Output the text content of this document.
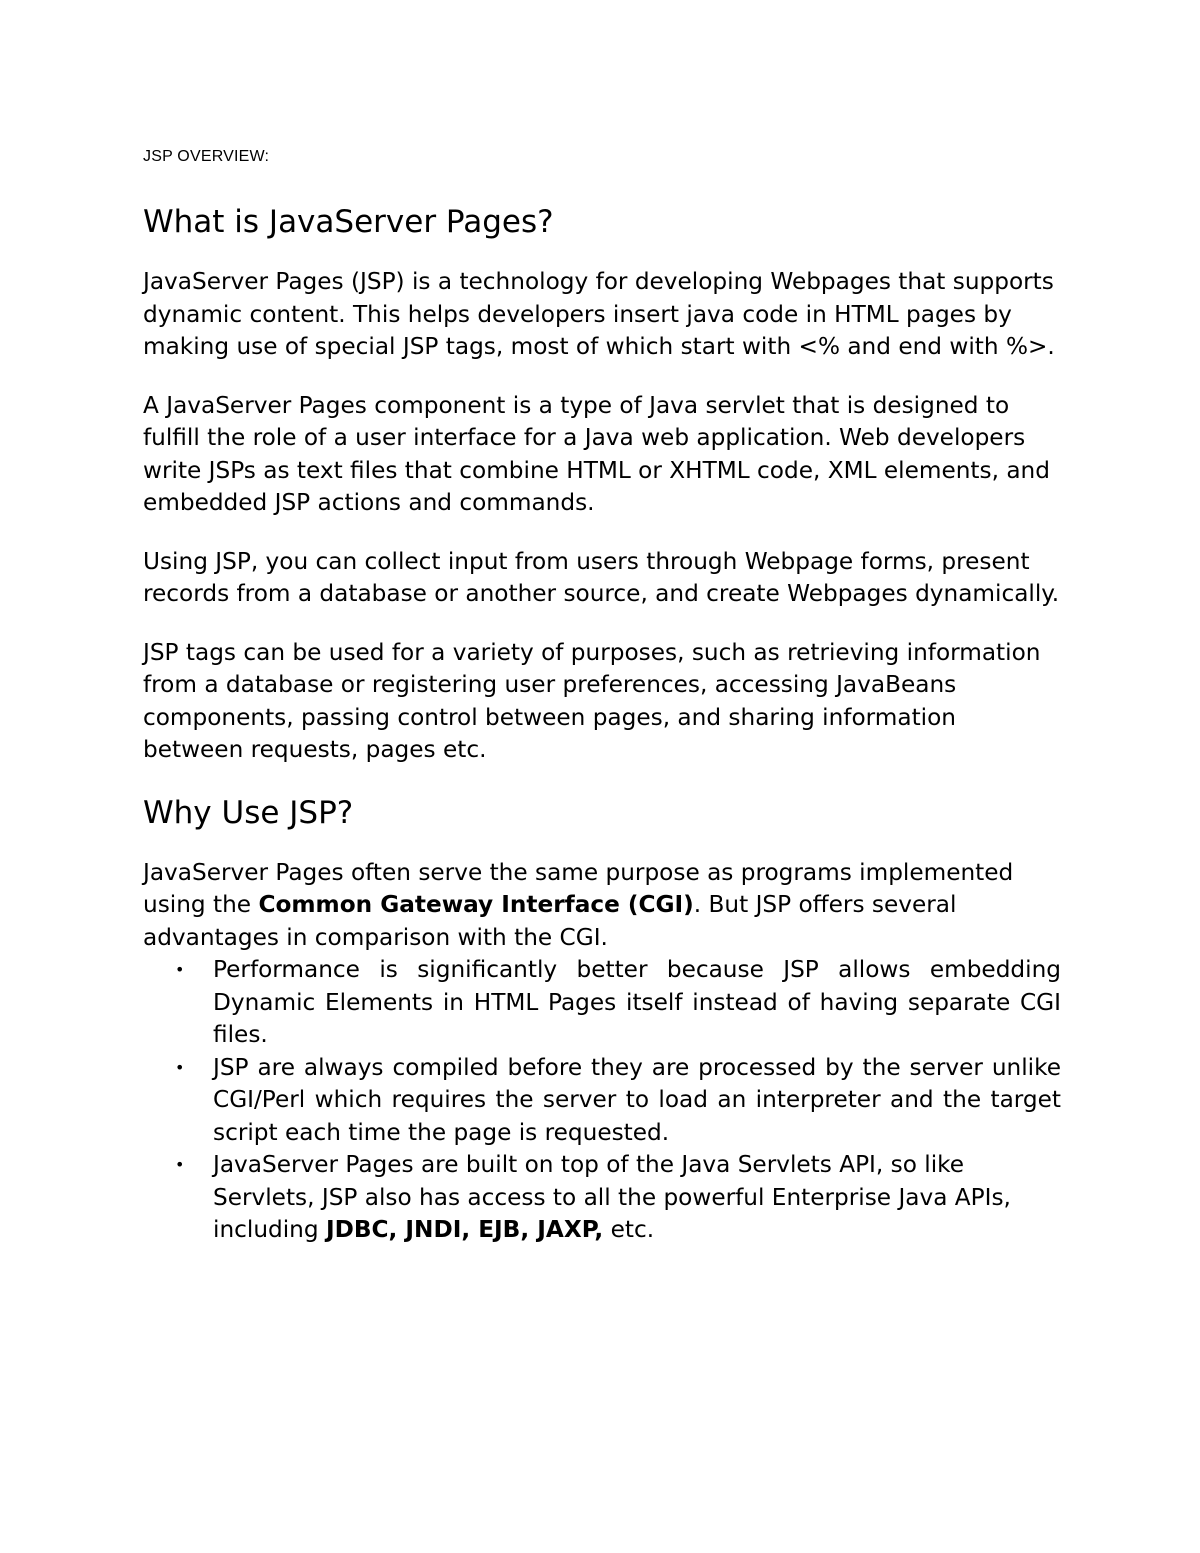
JSP OVERVIEW:
What is JavaServer Pages?

JavaServer Pages (JSP) is a technology for developing Webpages that supports dynamic content. This helps developers insert java code in HTML pages by making use of special JSP tags, most of which start with <% and end with %>.

A JavaServer Pages component is a type of Java servlet that is designed to fulfill the role of a user interface for a Java web application. Web developers write JSPs as text files that combine HTML or XHTML code, XML elements, and embedded JSP actions and commands.

Using JSP, you can collect input from users through Webpage forms, present records from a database or another source, and create Webpages dynamically.

JSP tags can be used for a variety of purposes, such as retrieving information from a database or registering user preferences, accessing JavaBeans components, passing control between pages, and sharing information between requests, pages etc.

Why Use JSP?

JavaServer Pages often serve the same purpose as programs implemented using the Common Gateway Interface (CGI). But JSP offers several advantages in comparison with the CGI.

• Performance is significantly better because JSP allows embedding Dynamic Elements in HTML Pages itself instead of having separate CGI files.
• JSP are always compiled before they are processed by the server unlike CGI/Perl which requires the server to load an interpreter and the target script each time the page is requested.
• JavaServer Pages are built on top of the Java Servlets API, so like Servlets, JSP also has access to all the powerful Enterprise Java APIs, including JDBC, JNDI, EJB, JAXP, etc.
